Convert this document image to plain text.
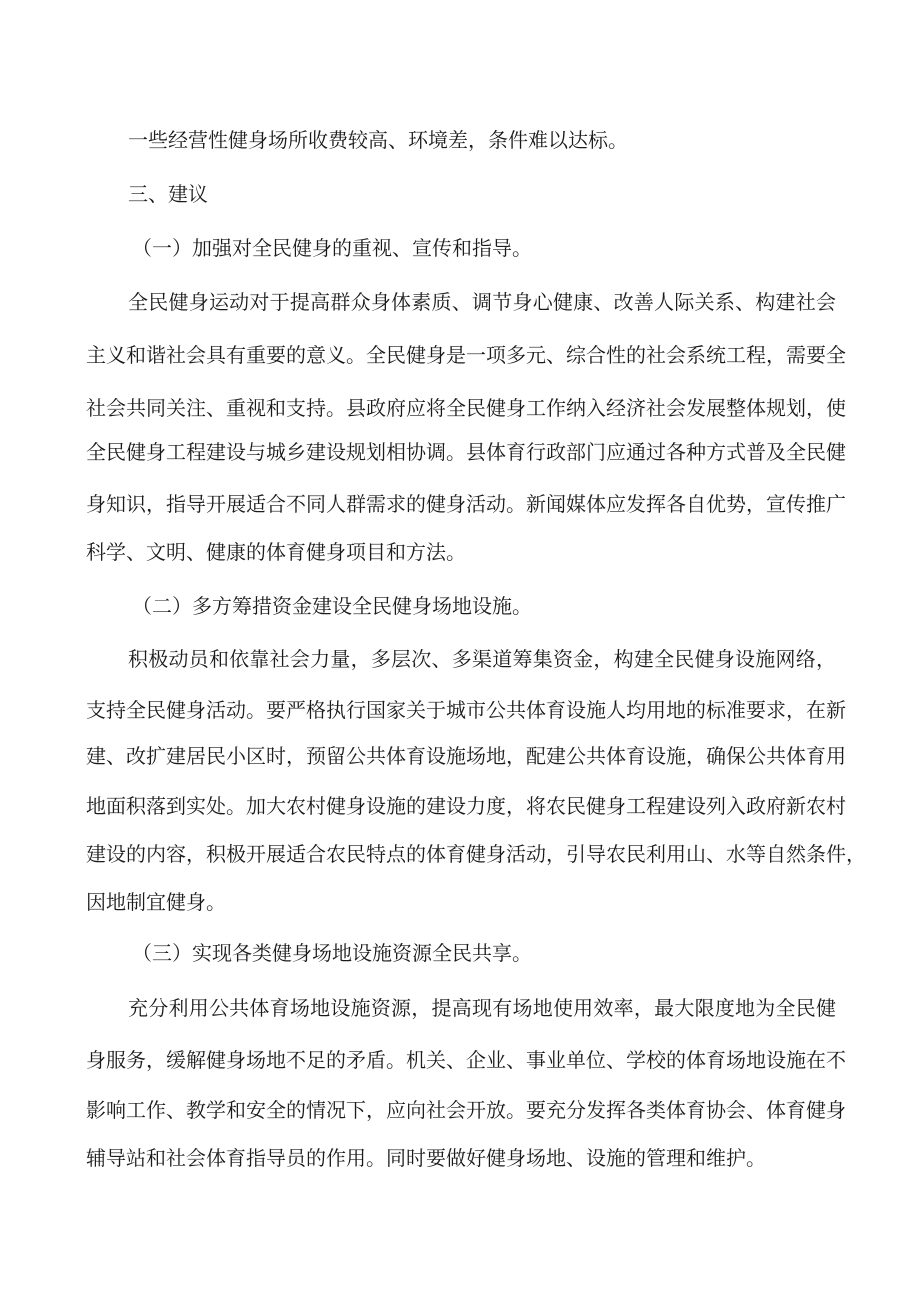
一些经营性健身场所收费较高、环境差，条件难以达标。
三、建议
（一）加强对全民健身的重视、宣传和指导。
全民健身运动对于提高群众身体素质、调节身心健康、改善人际关系、构建社会
主义和谐社会具有重要的意义。全民健身是一项多元、综合性的社会系统工程，需要全
社会共同关注、重视和支持。县政府应将全民健身工作纳入经济社会发展整体规划，使
全民健身工程建设与城乡建设规划相协调。县体育行政部门应通过各种方式普及全民健
身知识，指导开展适合不同人群需求的健身活动。新闻媒体应发挥各自优势，宣传推广
科学、文明、健康的体育健身项目和方法。
（二）多方筹措资金建设全民健身场地设施。
积极动员和依靠社会力量，多层次、多渠道筹集资金，构建全民健身设施网络，
支持全民健身活动。要严格执行国家关于城市公共体育设施人均用地的标准要求，在新
建、改扩建居民小区时，预留公共体育设施场地，配建公共体育设施，确保公共体育用
地面积落到实处。加大农村健身设施的建设力度，将农民健身工程建设列入政府新农村
建设的内容，积极开展适合农民特点的体育健身活动，引导农民利用山、水等自然条件，
因地制宜健身。
（三）实现各类健身场地设施资源全民共享。
充分利用公共体育场地设施资源，提高现有场地使用效率，最大限度地为全民健
身服务，缓解健身场地不足的矛盾。机关、企业、事业单位、学校的体育场地设施在不
影响工作、教学和安全的情况下，应向社会开放。要充分发挥各类体育协会、体育健身
辅导站和社会体育指导员的作用。同时要做好健身场地、设施的管理和维护。
